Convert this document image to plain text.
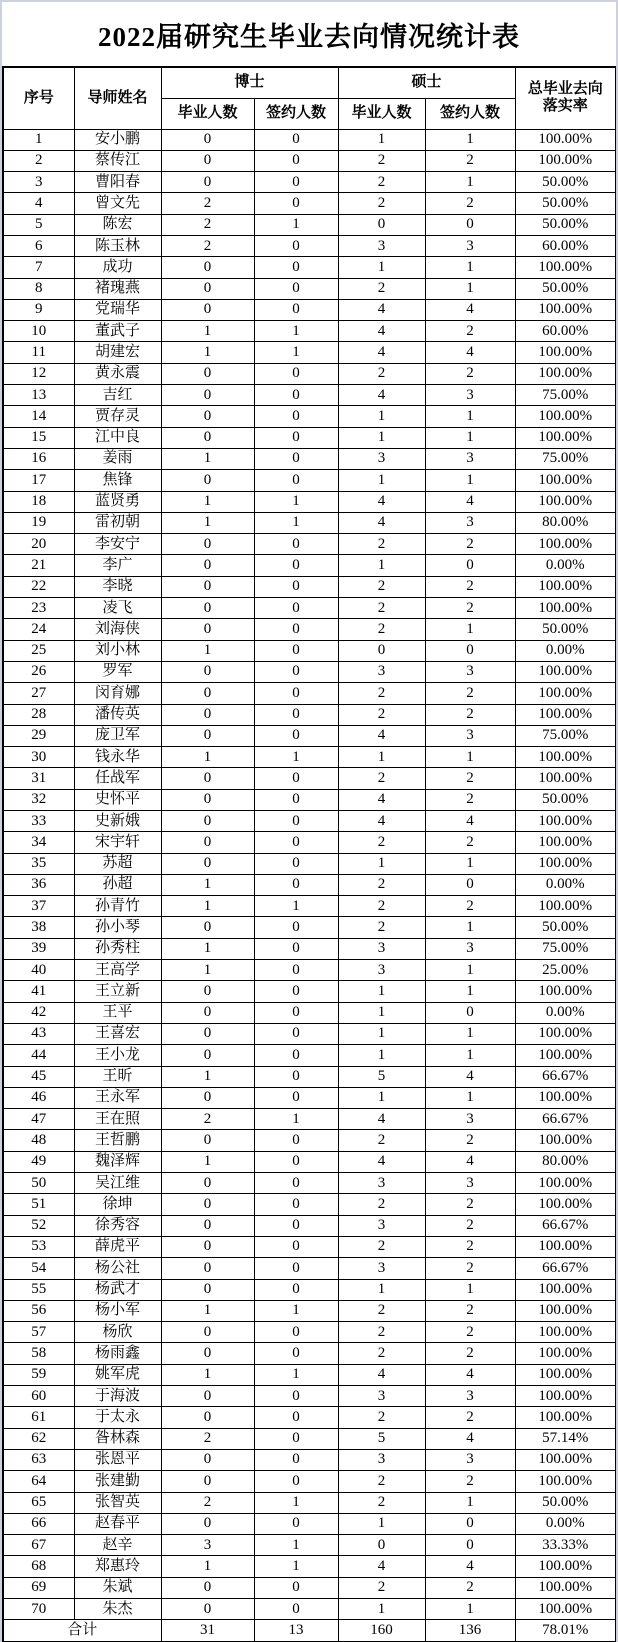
2022届研究生毕业去向情况统计表
序号	导师姓名	博士		硕士		总毕业去向落实率
		毕业人数	签约人数	毕业人数	签约人数	
1	安小鹏	0	0	1	1	100.00%
2	蔡传江	0	0	2	2	100.00%
3	曹阳春	0	0	2	1	50.00%
4	曾文先	2	0	2	2	50.00%
5	陈宏	2	1	0	0	50.00%
6	陈玉林	2	0	3	3	60.00%
7	成功	0	0	1	1	100.00%
8	褚瑰燕	0	0	2	1	50.00%
9	党瑞华	0	0	4	4	100.00%
10	董武子	1	1	4	2	60.00%
11	胡建宏	1	1	4	4	100.00%
12	黄永震	0	0	2	2	100.00%
13	吉红	0	0	4	3	75.00%
14	贾存灵	0	0	1	1	100.00%
15	江中良	0	0	1	1	100.00%
16	姜雨	1	0	3	3	75.00%
17	焦锋	0	0	1	1	100.00%
18	蓝贤勇	1	1	4	4	100.00%
19	雷初朝	1	1	4	3	80.00%
20	李安宁	0	0	2	2	100.00%
21	李广	0	0	1	0	0.00%
22	李晓	0	0	2	2	100.00%
23	凌飞	0	0	2	2	100.00%
24	刘海侠	0	0	2	1	50.00%
25	刘小林	1	0	0	0	0.00%
26	罗军	0	0	3	3	100.00%
27	闵育娜	0	0	2	2	100.00%
28	潘传英	0	0	2	2	100.00%
29	庞卫军	0	0	4	3	75.00%
30	钱永华	1	1	1	1	100.00%
31	任战军	0	0	2	2	100.00%
32	史怀平	0	0	4	2	50.00%
33	史新娥	0	0	4	4	100.00%
34	宋宇轩	0	0	2	2	100.00%
35	苏超	0	0	1	1	100.00%
36	孙超	1	0	2	0	0.00%
37	孙青竹	1	1	2	2	100.00%
38	孙小琴	0	0	2	1	50.00%
39	孙秀柱	1	0	3	3	75.00%
40	王高学	1	0	3	1	25.00%
41	王立新	0	0	1	1	100.00%
42	王平	0	0	1	0	0.00%
43	王喜宏	0	0	1	1	100.00%
44	王小龙	0	0	1	1	100.00%
45	王昕	1	0	5	4	66.67%
46	王永军	0	0	1	1	100.00%
47	王在照	2	1	4	3	66.67%
48	王哲鹏	0	0	2	2	100.00%
49	魏泽辉	1	0	4	4	80.00%
50	吴江维	0	0	3	3	100.00%
51	徐坤	0	0	2	2	100.00%
52	徐秀容	0	0	3	2	66.67%
53	薛虎平	0	0	2	2	100.00%
54	杨公社	0	0	3	2	66.67%
55	杨武才	0	0	1	1	100.00%
56	杨小军	1	1	2	2	100.00%
57	杨欣	0	0	2	2	100.00%
58	杨雨鑫	0	0	2	2	100.00%
59	姚军虎	1	1	4	4	100.00%
60	于海波	0	0	3	3	100.00%
61	于太永	0	0	2	2	100.00%
62	昝林森	2	0	5	4	57.14%
63	张恩平	0	0	3	3	100.00%
64	张建勤	0	0	2	2	100.00%
65	张智英	2	1	2	1	50.00%
66	赵春平	0	0	1	0	0.00%
67	赵辛	3	1	0	0	33.33%
68	郑惠玲	1	1	4	4	100.00%
69	朱斌	0	0	2	2	100.00%
70	朱杰	0	0	1	1	100.00%
合计		31	13	160	136	78.01%
